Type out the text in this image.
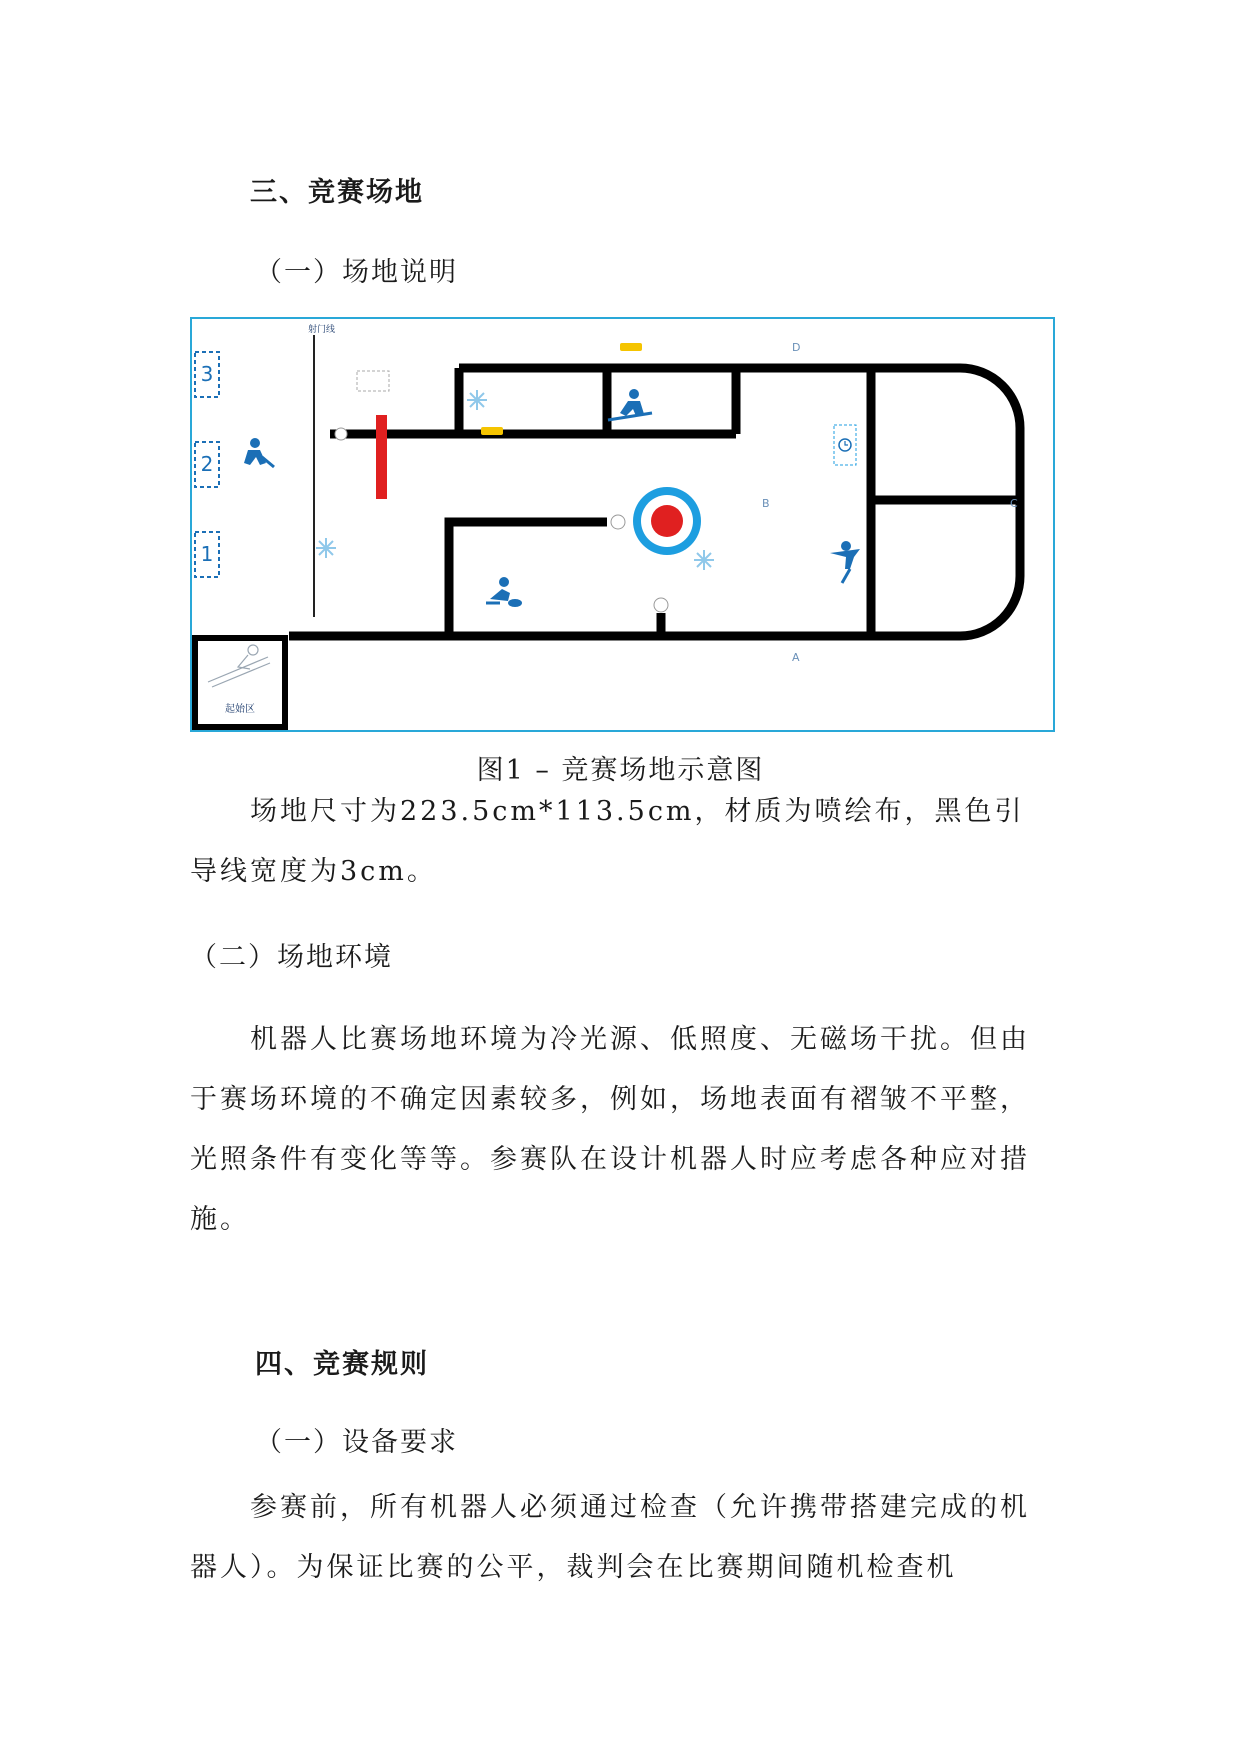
三、竞赛场地
（一）场地说明
3
2
1
射门线
起始区
D
B	C
A
图1 – 竞赛场地示意图

场地尺寸为223.5cm*113.5cm，材质为喷绘布，黑色引导线宽度为3cm。

（二）场地环境

机器人比赛场地环境为冷光源、低照度、无磁场干扰。但由于赛场环境的不确定因素较多，例如，场地表面有褶皱不平整，光照条件有变化等等。参赛队在设计机器人时应考虑各种应对措施。

四、竞赛规则
（一）设备要求

参赛前，所有机器人必须通过检查（允许携带搭建完成的机器人）。为保证比赛的公平，裁判会在比赛期间随机检查机
